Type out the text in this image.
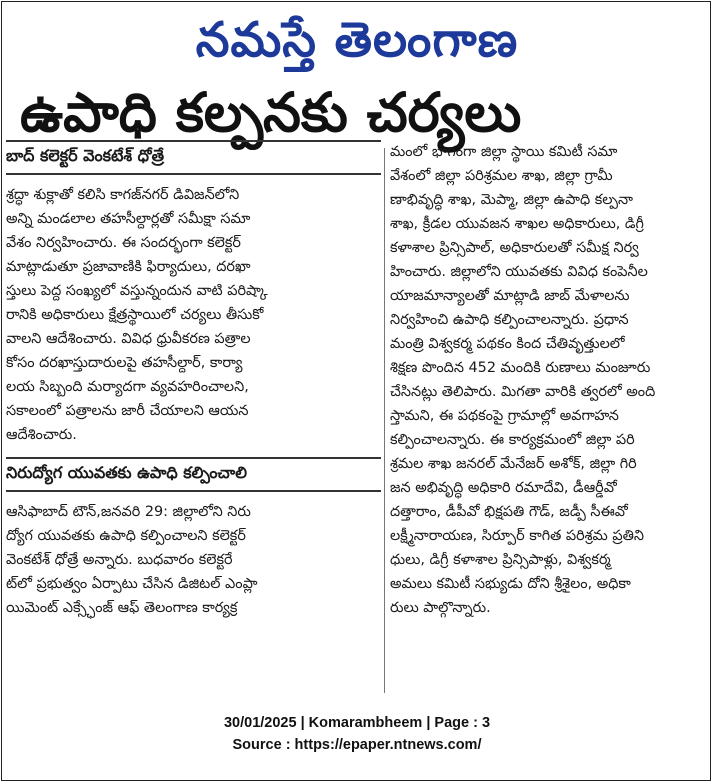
నమస్తే తెలంగాణ
ఉపాధి కల్పనకు చర్యలు
బాద్ కలెక్టర్ వెంకటేశ్ ధోత్రే
శ్రద్ధా శుక్లాతో కలిసి కాగజ్‌నగర్ డివిజన్‌లోని
అన్ని మండలాల తహసీల్దార్లతో సమీక్షా సమా
వేశం నిర్వహించారు. ఈ సందర్భంగా కలెక్టర్
మాట్లాడుతూ ప్రజావాణికి ఫిర్యాదులు, దరఖా
స్తులు పెద్ద సంఖ్యలో వస్తున్నందున వాటి పరిష్కా
రానికి అధికారులు క్షేత్రస్థాయిలో చర్యలు తీసుకో
వాలని ఆదేశించారు. వివిధ ధ్రువీకరణ పత్రాల
కోసం దరఖాస్తుదారులపై తహసీల్దార్, కార్యా
లయ సిబ్బంది మర్యాదగా వ్యవహరించాలని,
సకాలంలో పత్రాలను జారీ చేయాలని ఆయన
ఆదేశించారు.
నిరుద్యోగ యువతకు ఉపాధి కల్పించాలి
ఆసిఫాబాద్ టౌన్,జనవరి 29: జిల్లాలోని నిరు
ద్యోగ యువతకు ఉపాధి కల్పించాలని కలెక్టర్
వెంకటేశ్ ధోత్రే అన్నారు. బుధవారం కలెక్టరే
ట్‌లో ప్రభుత్వం ఏర్పాటు చేసిన డిజిటల్ ఎంప్లా
యిమెంట్ ఎక్స్ఛేంజ్ ఆఫ్ తెలంగాణ కార్యక్ర
మంలో భాగంగా జిల్లా స్థాయి కమిటీ సమా
వేశంలో జిల్లా పరిశ్రమల శాఖ, జిల్లా గ్రామీ
ణాభివృద్ధి శాఖ, మెప్మా, జిల్లా ఉపాధి కల్పనా
శాఖ, క్రీడల యువజన శాఖల అధికారులు, డిగ్రీ
కళాశాల ప్రిన్సిపాల్, అధికారులతో సమీక్ష నిర్వ
హించారు. జిల్లాలోని యువతకు వివిధ కంపెనీల
యాజమాన్యాలతో మాట్లాడి జాబ్ మేళాలను
నిర్వహించి ఉపాధి కల్పించాలన్నారు. ప్రధాన
మంత్రి విశ్వకర్మ పథకం కింద చేతివృత్తులలో
శిక్షణ పొందిన 452 మందికి రుణాలు మంజూరు
చేసినట్లు తెలిపారు. మిగతా వారికి త్వరలో అంది
స్తామని, ఈ పథకంపై గ్రామాల్లో అవగాహన
కల్పించాలన్నారు. ఈ కార్యక్రమంలో జిల్లా పరి
శ్రమల శాఖ జనరల్ మేనేజర్ అశోక్, జిల్లా గిరి
జన అభివృద్ధి అధికారి రమాదేవి, డీఆర్డీవో
దత్తారాం, డీపీవో భిక్షపతి గౌడ్, జడ్పీ సీఈవో
లక్ష్మీనారాయణ, సిర్పూర్ కాగిత పరిశ్రమ ప్రతిని
ధులు, డిగ్రీ కళాశాల ప్రిన్సిపాళ్లు, విశ్వకర్మ
అమలు కమిటీ సభ్యుడు దోని శ్రీశైలం, అధికా
రులు పాల్గొన్నారు.
30/01/2025 | Komarambheem | Page : 3
Source : https://epaper.ntnews.com/
